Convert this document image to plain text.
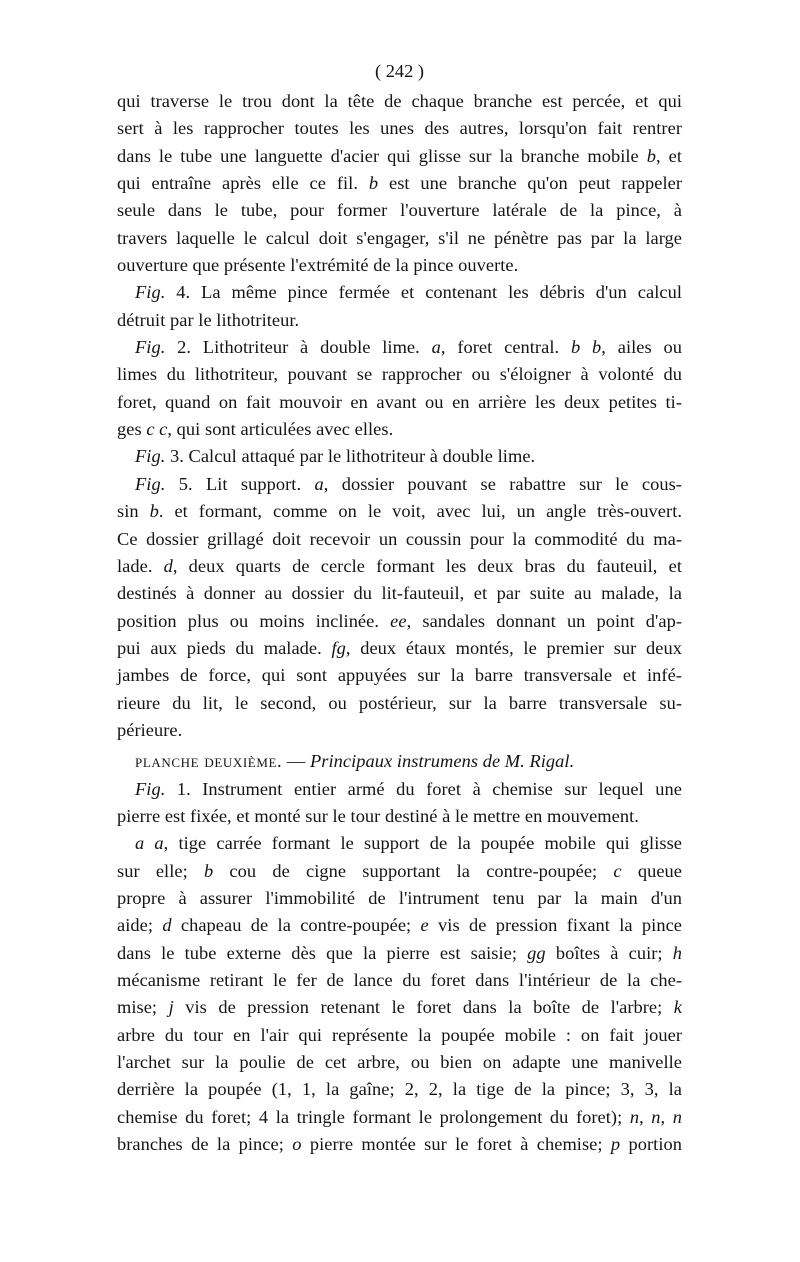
( 242 )
qui traverse le trou dont la tête de chaque branche est percée, et qui
sert à les rapprocher toutes les unes des autres, lorsqu'on fait rentrer
dans le tube une languette d'acier qui glisse sur la branche mobile b, et
qui entraîne après elle ce fil. b est une branche qu'on peut rappeler
seule dans le tube, pour former l'ouverture latérale de la pince, à
travers laquelle le calcul doit s'engager, s'il ne pénètre pas par la large
ouverture que présente l'extrémité de la pince ouverte.
Fig. 4. La même pince fermée et contenant les débris d'un calcul
détruit par le lithotriteur.
Fig. 2. Lithotriteur à double lime. a, foret central. b b, ailes ou
limes du lithotriteur, pouvant se rapprocher ou s'éloigner à volonté du
foret, quand on fait mouvoir en avant ou en arrière les deux petites ti-
ges c c, qui sont articulées avec elles.
Fig. 3. Calcul attaqué par le lithotriteur à double lime.
Fig. 5. Lit support. a, dossier pouvant se rabattre sur le cous-
sin b. et formant, comme on le voit, avec lui, un angle très-ouvert.
Ce dossier grillagé doit recevoir un coussin pour la commodité du ma-
lade. d, deux quarts de cercle formant les deux bras du fauteuil, et
destinés à donner au dossier du lit-fauteuil, et par suite au malade, la
position plus ou moins inclinée. ee, sandales donnant un point d'ap-
pui aux pieds du malade. fg, deux étaux montés, le premier sur deux
jambes de force, qui sont appuyées sur la barre transversale et infé-
rieure du lit, le second, ou postérieur, sur la barre transversale su-
périeure.
planche deuxième. — Principaux instrumens de M. Rigal.
Fig. 1. Instrument entier armé du foret à chemise sur lequel une
pierre est fixée, et monté sur le tour destiné à le mettre en mouvement.
a a, tige carrée formant le support de la poupée mobile qui glisse
sur elle; b cou de cigne supportant la contre-poupée; c queue
propre à assurer l'immobilité de l'intrument tenu par la main d'un
aide; d chapeau de la contre-poupée; e vis de pression fixant la pince
dans le tube externe dès que la pierre est saisie; gg boîtes à cuir; h
mécanisme retirant le fer de lance du foret dans l'intérieur de la che-
mise; j vis de pression retenant le foret dans la boîte de l'arbre; k
arbre du tour en l'air qui représente la poupée mobile : on fait jouer
l'archet sur la poulie de cet arbre, ou bien on adapte une manivelle
derrière la poupée (1, 1, la gaîne; 2, 2, la tige de la pince; 3, 3, la
chemise du foret; 4 la tringle formant le prolongement du foret); n, n, n
branches de la pince; o pierre montée sur le foret à chemise; p portion
